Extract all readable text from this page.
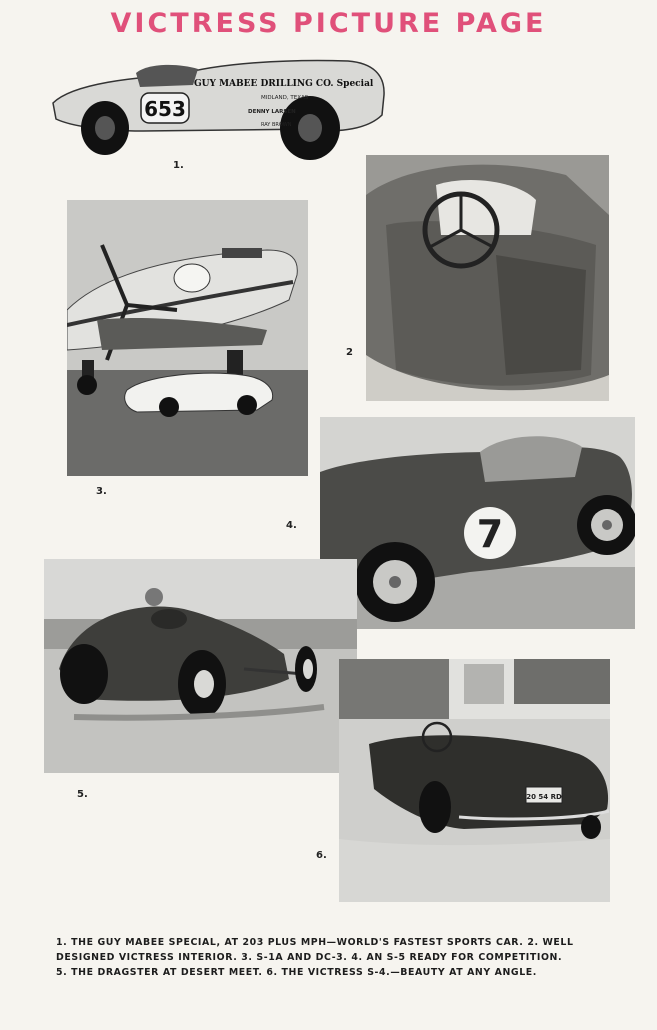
VICTRESS PICTURE PAGE
653
GUY MABEE DRILLING CO. Special
MIDLAND, TEXAS
DENNY LARSEN
RAY BROWN
1.
2
3.
7
4.
5.	20 54 RD
6.
1. THE GUY MABEE SPECIAL, AT 203 PLUS MPH—WORLD'S FASTEST SPORTS CAR. 2. WELL
DESIGNED VICTRESS INTERIOR. 3. S-1A AND DC-3. 4. AN S-5 READY FOR COMPETITION.
5. THE DRAGSTER AT DESERT MEET. 6. THE VICTRESS S-4.—BEAUTY AT ANY ANGLE.
